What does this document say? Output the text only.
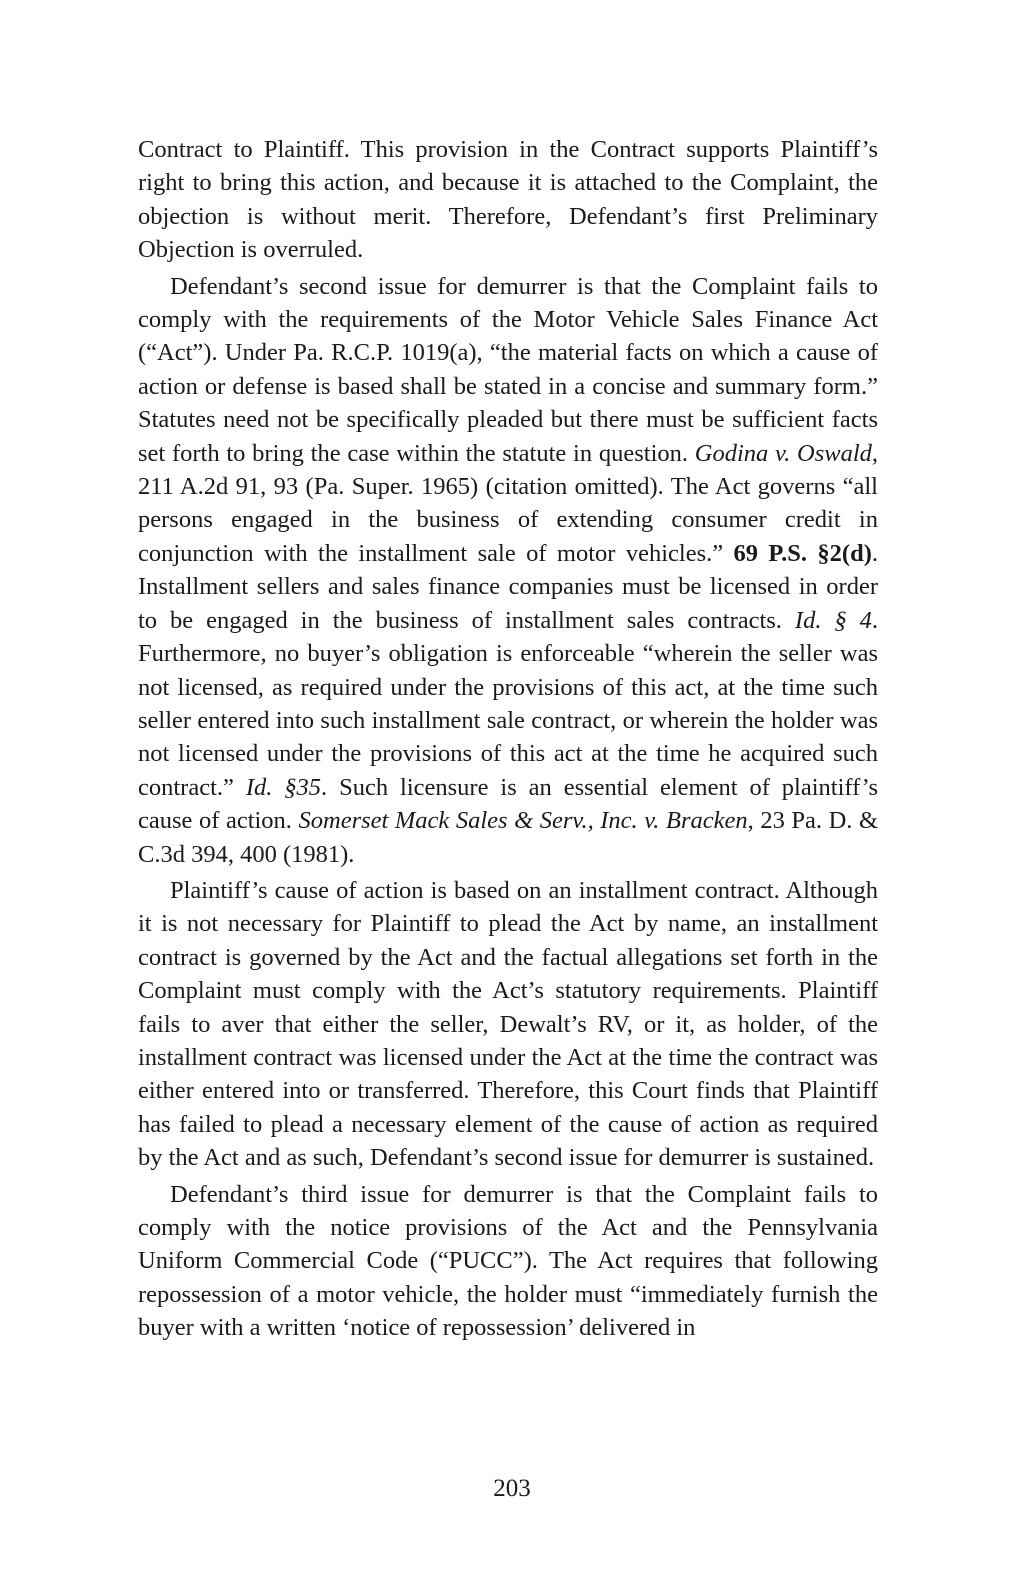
Contract to Plaintiff. This provision in the Contract supports Plaintiff’s right to bring this action, and because it is attached to the Complaint, the objection is without merit. Therefore, Defendant’s first Preliminary Objection is overruled.

Defendant’s second issue for demurrer is that the Complaint fails to comply with the requirements of the Motor Vehicle Sales Finance Act (“Act”). Under Pa. R.C.P. 1019(a), “the material facts on which a cause of action or defense is based shall be stated in a concise and summary form.” Statutes need not be specifically pleaded but there must be sufficient facts set forth to bring the case within the statute in question. Godina v. Oswald, 211 A.2d 91, 93 (Pa. Super. 1965) (citation omitted). The Act governs “all persons engaged in the business of extending consumer credit in conjunction with the installment sale of motor vehicles.” 69 P.S. §2(d). Installment sellers and sales finance companies must be licensed in order to be engaged in the business of installment sales contracts. Id. § 4. Furthermore, no buyer’s obligation is enforceable “wherein the seller was not licensed, as required under the provisions of this act, at the time such seller entered into such installment sale contract, or wherein the holder was not licensed under the provisions of this act at the time he acquired such contract.” Id. §35. Such licensure is an essential element of plaintiff’s cause of action. Somerset Mack Sales & Serv., Inc. v. Bracken, 23 Pa. D. & C.3d 394, 400 (1981).

Plaintiff’s cause of action is based on an installment contract. Although it is not necessary for Plaintiff to plead the Act by name, an installment contract is governed by the Act and the factual allegations set forth in the Complaint must comply with the Act’s statutory requirements. Plaintiff fails to aver that either the seller, Dewalt’s RV, or it, as holder, of the installment contract was licensed under the Act at the time the contract was either entered into or transferred. Therefore, this Court finds that Plaintiff has failed to plead a necessary element of the cause of action as required by the Act and as such, Defendant’s second issue for demurrer is sustained.

Defendant’s third issue for demurrer is that the Complaint fails to comply with the notice provisions of the Act and the Pennsylvania Uniform Commercial Code (“PUCC”). The Act requires that following repossession of a motor vehicle, the holder must “immediately furnish the buyer with a written ‘notice of repossession’ delivered in

203
